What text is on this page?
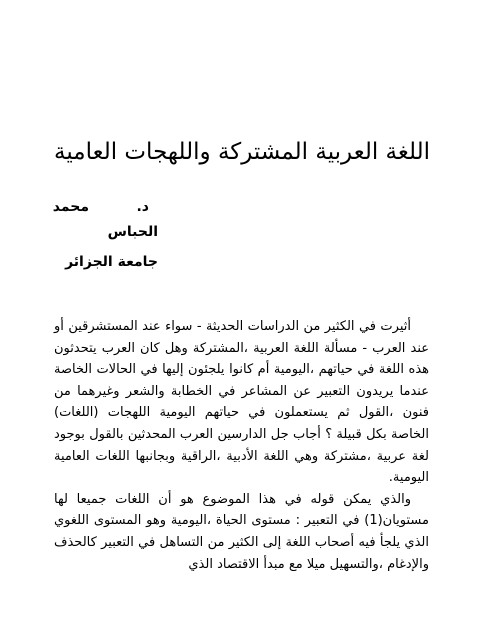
اللغة العربية المشتركة واللهجات العامية
د.
محمد
الحباس
جامعة الجزائر

أثيرت في الكثير من الدراسات الحديثة - سواء عند المستشرقين أو عند العرب - مسألة اللغة العربية ،المشتركة وهل كان العرب يتحدثون هذه اللغة في حياتهم ،اليومية أم كانوا يلجئون إليها في الحالات الخاصة عندما يريدون التعبير عن المشاعر في الخطابة والشعر وغيرهما من فنون ،القول ثم يستعملون في حياتهم اليومية اللهجات (اللغات) الخاصة بكل قبيلة ؟ أجاب جل الدارسين العرب المحدثين بالقول بوجود لغة عربية ،مشتركة وهي اللغة الأدبية ،الراقية وبجانبها اللغات العامية اليومية.

والذي يمكن قوله في هذا الموضوع هو أن اللغات جميعا لها مستويان(1) في التعبير : مستوى الحياة ،اليومية وهو المستوى اللغوي الذي يلجأ فيه أصحاب اللغة إلى الكثير من التساهل في التعبير كالحذف والإدغام ،والتسهيل ميلا مع مبدأ الاقتصاد الذي
